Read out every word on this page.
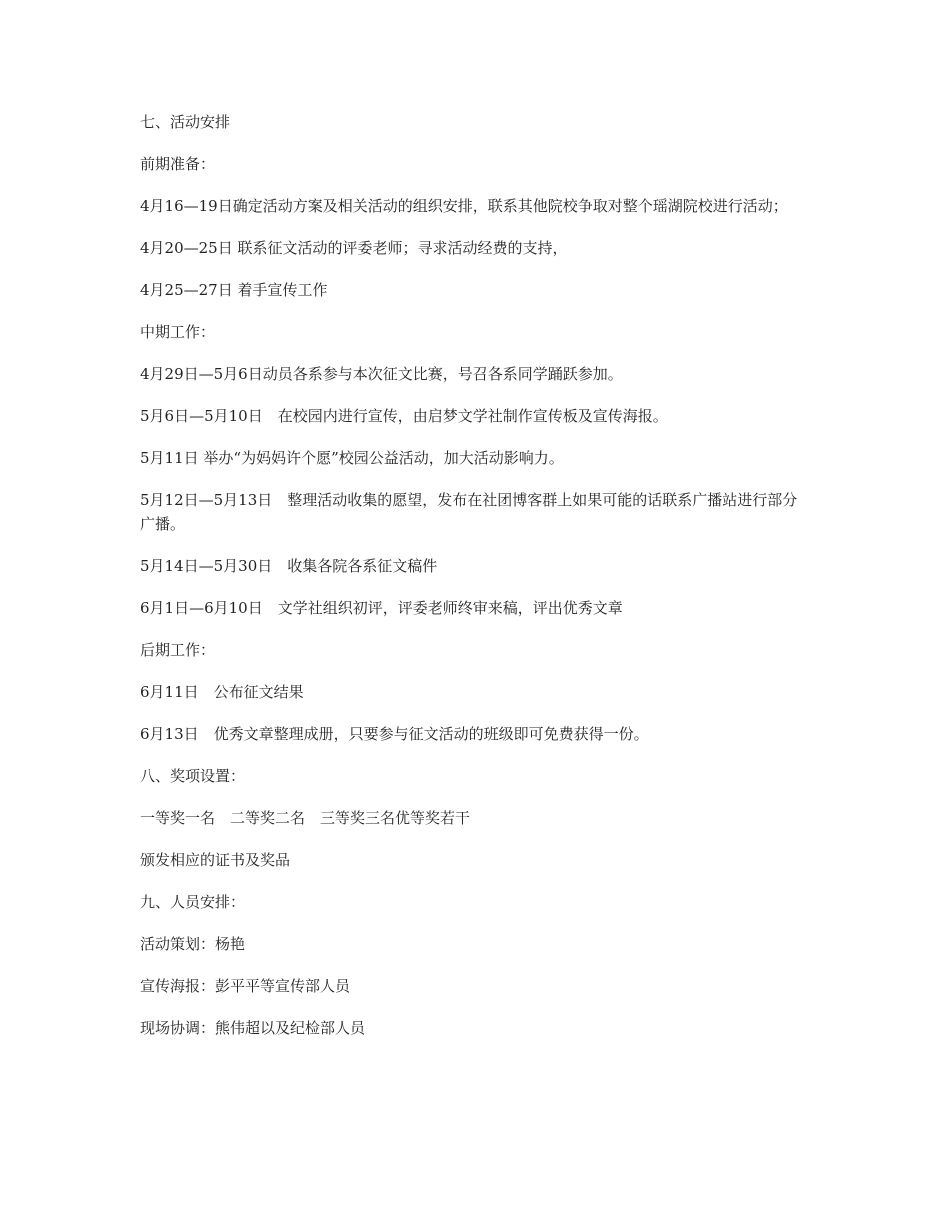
七、活动安排

前期准备：

4月16—19日确定活动方案及相关活动的组织安排，联系其他院校争取对整个瑶湖院校进行活动；

4月20—25日 联系征文活动的评委老师；寻求活动经费的支持，

4月25—27日 着手宣传工作

中期工作：

4月29日—5月6日动员各系参与本次征文比赛，号召各系同学踊跃参加。

5月6日—5月10日　在校园内进行宣传，由启梦文学社制作宣传板及宣传海报。

5月11日 举办“为妈妈许个愿”校园公益活动，加大活动影响力。

5月12日—5月13日　整理活动收集的愿望，发布在社团博客群上如果可能的话联系广播站进行部分广播。

5月14日—5月30日　收集各院各系征文稿件

6月1日—6月10日　文学社组织初评，评委老师终审来稿，评出优秀文章

后期工作：

6月11日　公布征文结果

6月13日　优秀文章整理成册，只要参与征文活动的班级即可免费获得一份。

八、奖项设置：

一等奖一名　二等奖二名　三等奖三名优等奖若干

颁发相应的证书及奖品

九、人员安排：

活动策划：杨艳

宣传海报：彭平平等宣传部人员

现场协调：熊伟超以及纪检部人员
